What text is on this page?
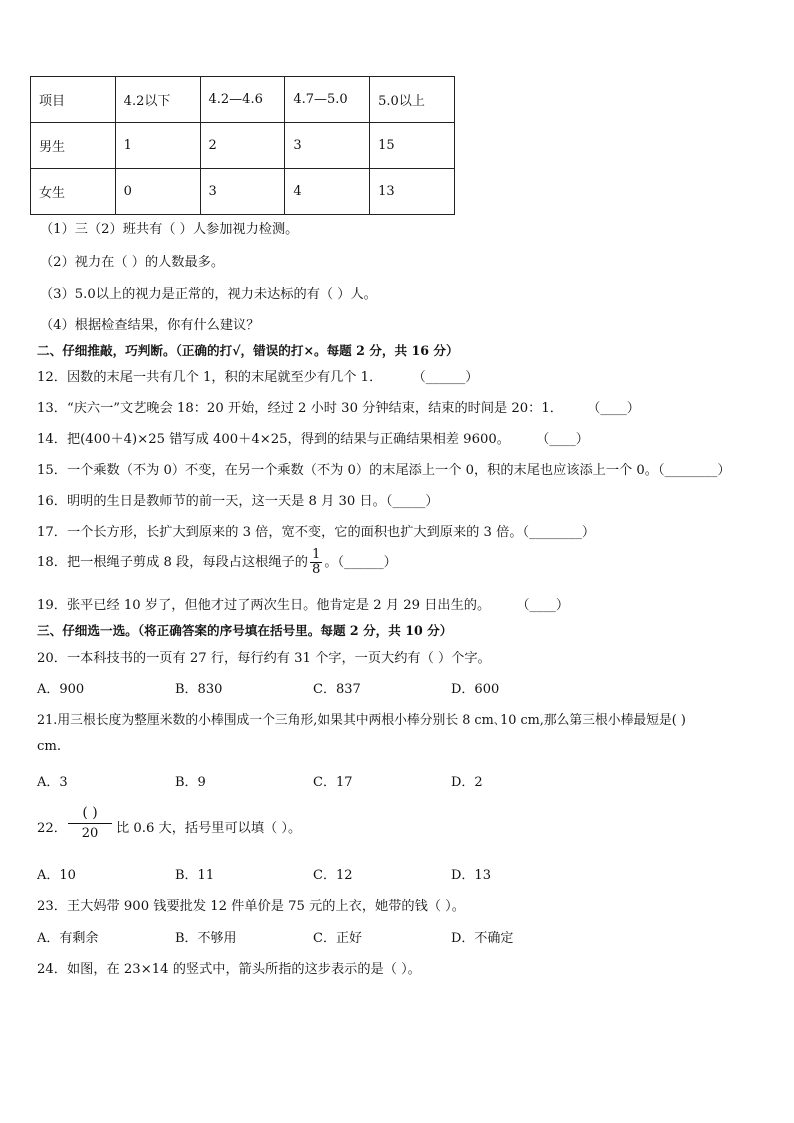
项目	4.2以下	4.2—4.6	4.7—5.0	5.0以上
男生	1	2	3	15
女生	0	3	4	13
（1）三（2）班共有（ ）人参加视力检测。
（2）视力在（ ）的人数最多。
（3）5.0以上的视力是正常的，视力未达标的有（ ）人。
（4）根据检查结果，你有什么建议？
二、仔细推敲，巧判断。（正确的打√，错误的打×。每题 2 分，共 16 分）
12．因数的末尾一共有几个 1，积的末尾就至少有几个 1． （______）
13．“庆六一”文艺晚会 18：20 开始，经过 2 小时 30 分钟结束，结束的时间是 20：1． （____）
14．把(400＋4)×25 错写成 400＋4×25，得到的结果与正确结果相差 9600。 （____）
15．一个乘数（不为 0）不变，在另一个乘数（不为 0）的末尾添上一个 0，积的末尾也应该添上一个 0。（________）
16．明明的生日是教师节的前一天，这一天是 8 月 30 日。（_____）
17．一个长方形，长扩大到原来的 3 倍，宽不变，它的面积也扩大到原来的 3 倍。（________）
18．把一根绳子剪成 8 段，每段占这根绳子的 $\frac{1}{8}$ 。（______）
19．张平已经 10 岁了，但他才过了两次生日。他肯定是 2 月 29 日出生的。 （____）
三、仔细选一选。（将正确答案的序号填在括号里。每题 2 分，共 10 分）
20．一本科技书的一页有 27 行，每行约有 31 个字，一页大约有（ ）个字。
A．900	B．830	C．837	D．600
21.用三根长度为整厘米数的小棒围成一个三角形,如果其中两根小棒分别长 8 cm､10 cm,那么第三根小棒最短是( )
cm.
A．3	B．9	C．17	D．2
22．
( )
20	比 0.6 大，括号里可以填（ ）。
A．10	B．11	C．12	D．13
23．王大妈带 900 钱要批发 12 件单价是 75 元的上衣，她带的钱（ ）。
A．有剩余	B．不够用	C．正好	D．不确定
24．如图，在 23×14 的竖式中，箭头所指的这步表示的是（ ）。
